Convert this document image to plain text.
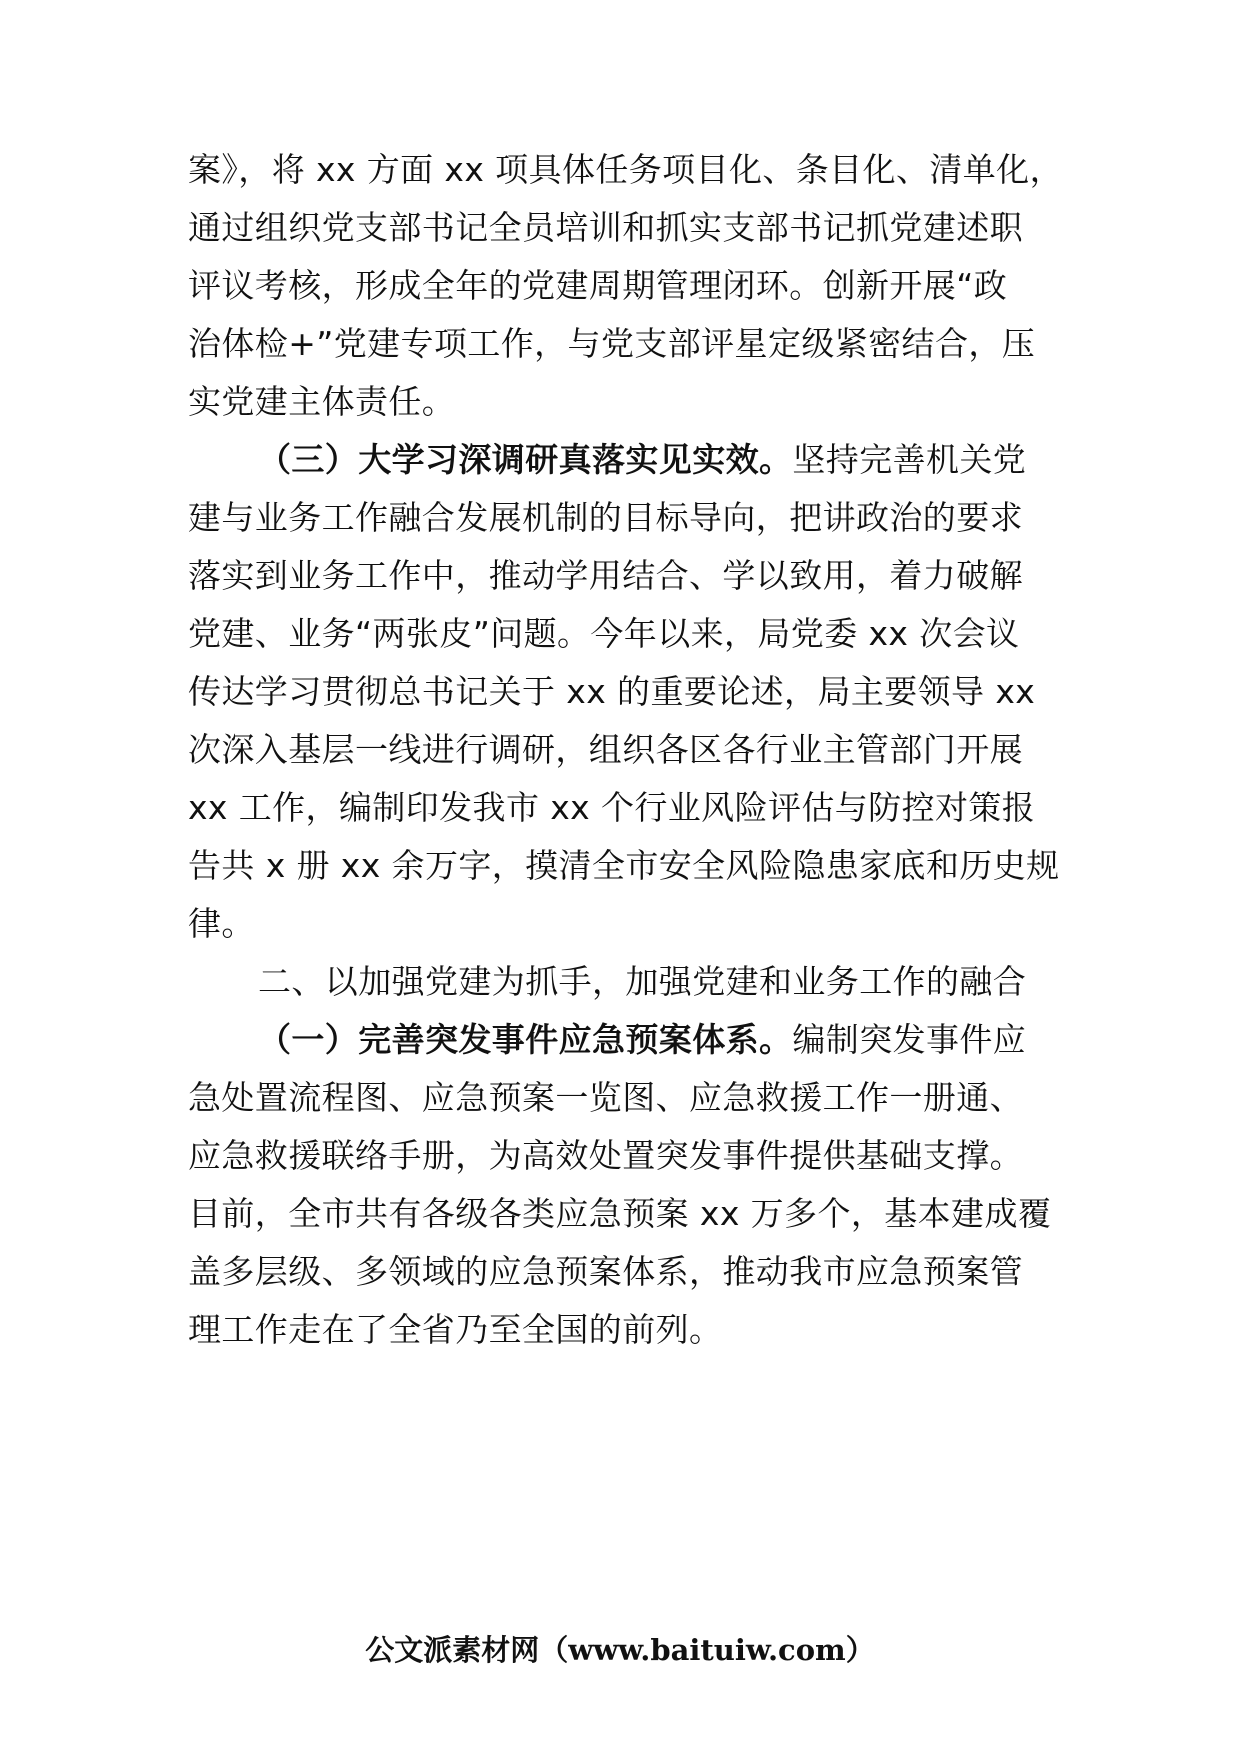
案》，将 xx 方面 xx 项具体任务项目化、条目化、清单化，
通过组织党支部书记全员培训和抓实支部书记抓党建述职
评议考核，形成全年的党建周期管理闭环。创新开展“政
治体检+”党建专项工作，与党支部评星定级紧密结合，压
实党建主体责任。
（三）大学习深调研真落实见实效。坚持完善机关党
建与业务工作融合发展机制的目标导向，把讲政治的要求
落实到业务工作中，推动学用结合、学以致用，着力破解
党建、业务“两张皮”问题。今年以来，局党委 xx 次会议
传达学习贯彻总书记关于 xx 的重要论述，局主要领导 xx
次深入基层一线进行调研，组织各区各行业主管部门开展
xx 工作，编制印发我市 xx 个行业风险评估与防控对策报
告共 x 册 xx 余万字，摸清全市安全风险隐患家底和历史规
律。
二、以加强党建为抓手，加强党建和业务工作的融合
（一）完善突发事件应急预案体系。编制突发事件应
急处置流程图、应急预案一览图、应急救援工作一册通、
应急救援联络手册，为高效处置突发事件提供基础支撑。
目前，全市共有各级各类应急预案 xx 万多个，基本建成覆
盖多层级、多领域的应急预案体系，推动我市应急预案管
理工作走在了全省乃至全国的前列。
公文派素材网（www.baituiw.com）
